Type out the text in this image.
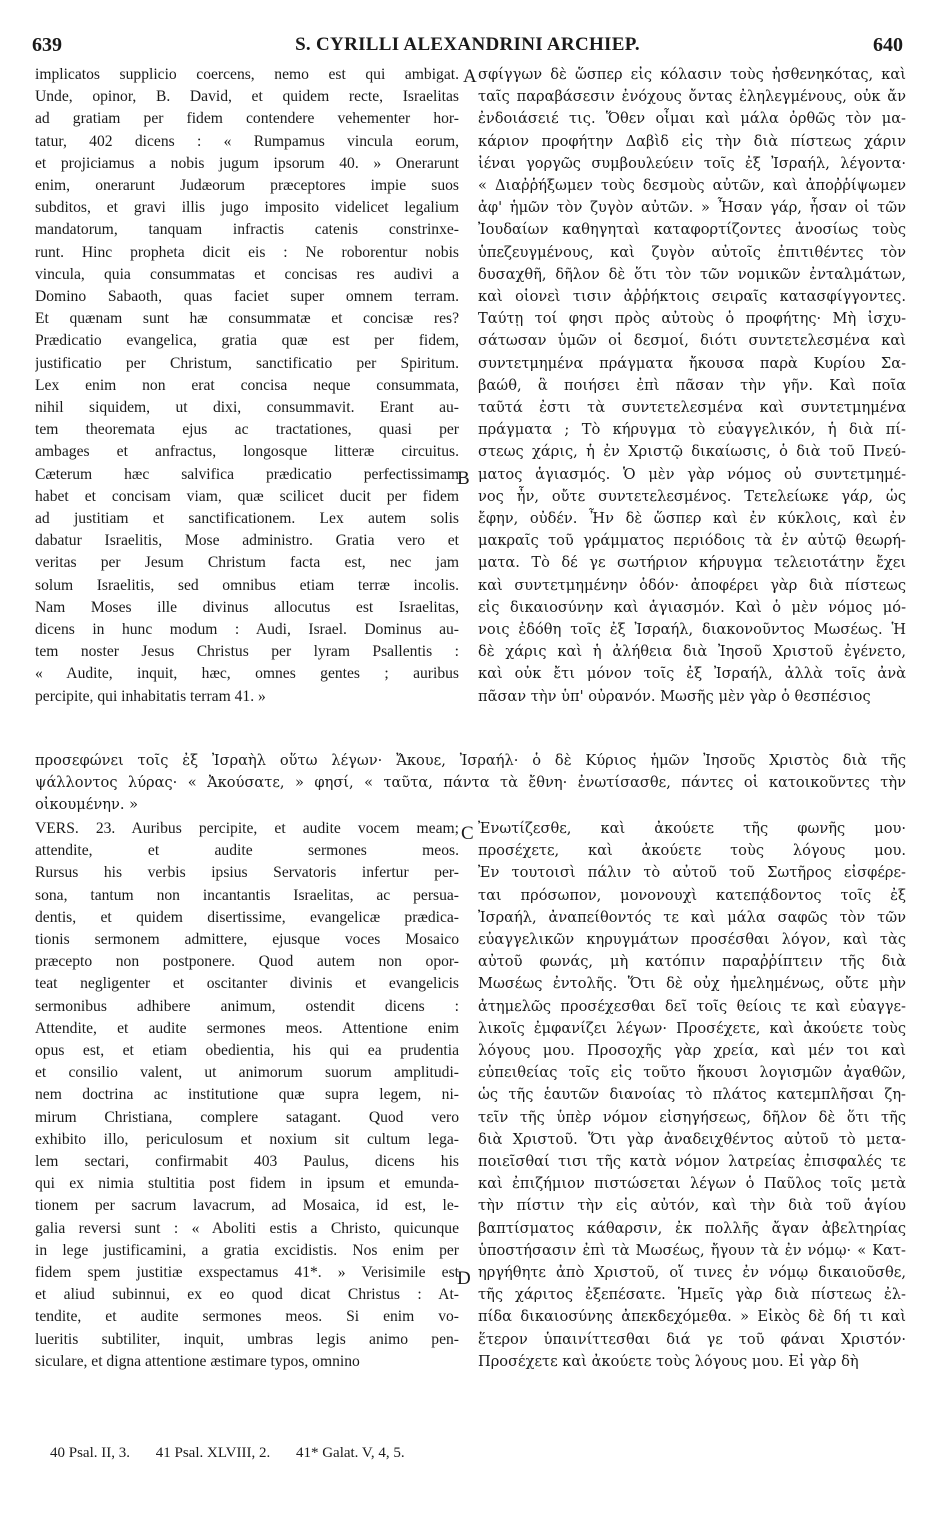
639	S. CYRILLI ALEXANDRINI ARCHIEP.	640
implicatos supplicio coercens, nemo est qui ambigat.
Unde, opinor, B. David, et quidem recte, Israelitas
ad gratiam per fidem contendere vehementer hor-
tatur, 402 dicens : « Rumpamus vincula eorum,
et projiciamus a nobis jugum ipsorum 40. » Onerarunt
enim, onerarunt Judæorum præceptores impie suos
subditos, et gravi illis jugo imposito videlicet legalium
mandatorum, tanquam infractis catenis constrinxe-
runt. Hinc propheta dicit eis : Ne roborentur nobis
vincula, quia consummatas et concisas res audivi a
Domino Sabaoth, quas faciet super omnem terram.
Et quænam sunt hæ consummatæ et concisæ res?
Prædicatio evangelica, gratia quæ est per fidem,
justificatio per Christum, sanctificatio per Spiritum.
Lex enim non erat concisa neque consummata,
nihil siquidem, ut dixi, consummavit. Erant au-
tem theoremata ejus ac tractationes, quasi per
ambages et anfractus, longosque litteræ circuitus.
Cæterum hæc salvifica prædicatio perfectissimam
habet et concisam viam, quæ scilicet ducit per fidem
ad justitiam et sanctificationem. Lex autem solis
dabatur Israelitis, Mose administro. Gratia vero et
veritas per Jesum Christum facta est, nec jam
solum Israelitis, sed omnibus etiam terræ incolis.
Nam Moses ille divinus allocutus est Israelitas,
dicens in hunc modum : Audi, Israel. Dominus au-
tem noster Jesus Christus per lyram Psallentis :
« Audite, inquit, hæc, omnes gentes ; auribus
percipite, qui inhabitatis terram 41. »
σφίγγων δὲ ὥσπερ εἰς κόλασιν τοὺς ἠσθενηκότας, καὶ
ταῖς παραβάσεσιν ἐνόχους ὄντας ἐληλεγμένους, οὐκ ἄν
ἐνδοιάσειέ τις. Ὅθεν οἶμαι καὶ μάλα ὀρθῶς τὸν μα-
κάριον προφήτην Δαβὶδ εἰς τὴν διὰ πίστεως χάριν
ἰέναι γοργῶς συμβουλεύειν τοῖς ἐξ Ἰσραήλ, λέγοντα·
« Διαῤῥήξωμεν τοὺς δεσμοὺς αὐτῶν, καὶ ἀποῤῥίψωμεν
ἀφ' ἡμῶν τὸν ζυγὸν αὐτῶν. » Ἦσαν γάρ, ἦσαν οἱ τῶν
Ἰουδαίων καθηγηταὶ καταφορτίζοντες ἀνοσίως τοὺς
ὑπεζευγμένους, καὶ ζυγὸν αὐτοῖς ἐπιτιθέντες τὸν
δυσαχθῆ, δῆλον δὲ ὅτι τὸν τῶν νομικῶν ἐνταλμάτων,
καὶ οἱονεὶ τισιν ἀῤῥήκτοις σειραῖς κατασφίγγοντες.
Ταύτῃ τοί φησι πρὸς αὐτοὺς ὁ προφήτης· Μὴ ἰσχυ-
σάτωσαν ὑμῶν οἱ δεσμοί, διότι συντετελεσμένα καὶ
συντετμημένα πράγματα ἤκουσα παρὰ Κυρίου Σα-
βαώθ, ἃ ποιήσει ἐπὶ πᾶσαν τὴν γῆν. Καὶ ποῖα
ταῦτά ἐστι τὰ συντετελεσμένα καὶ συντετμημένα
πράγματα ; Τὸ κήρυγμα τὸ εὐαγγελικόν, ἡ διὰ πί-
στεως χάρις, ἡ ἐν Χριστῷ δικαίωσις, ὁ διὰ τοῦ Πνεύ-
ματος ἁγιασμός. Ὁ μὲν γὰρ νόμος οὐ συντετμημέ-
νος ἦν, οὔτε συντετελεσμένος. Τετελείωκε γάρ, ὡς
ἔφην, οὐδέν. Ἦν δὲ ὥσπερ καὶ ἐν κύκλοις, καὶ ἐν
μακραῖς τοῦ γράμματος περιόδοις τὰ ἐν αὐτῷ θεωρή-
ματα. Τὸ δέ γε σωτήριον κήρυγμα τελειοτάτην ἔχει
καὶ συντετμημένην ὁδόν· ἀποφέρει γὰρ διὰ πίστεως
εἰς δικαιοσύνην καὶ ἁγιασμόν. Καὶ ὁ μὲν νόμος μό-
νοις ἐδόθη τοῖς ἐξ Ἰσραήλ, διακονοῦντος Μωσέως. Ἡ
δὲ χάρις καὶ ἡ ἀλήθεια διὰ Ἰησοῦ Χριστοῦ ἐγένετο,
καὶ οὐκ ἔτι μόνον τοῖς ἐξ Ἰσραήλ, ἀλλὰ τοῖς ἀνὰ
πᾶσαν τὴν ὑπ' οὐρανόν. Μωσῆς μὲν γὰρ ὁ θεσπέσιος
A
B
C
D
προσεφώνει τοῖς ἐξ Ἰσραὴλ οὕτω λέγων· Ἄκουε, Ἰσραήλ· ὁ δὲ Κύριος ἡμῶν Ἰησοῦς Χριστὸς διὰ τῆς
ψάλλοντος λύρας· « Ἀκούσατε, » φησί, « ταῦτα, πάντα τὰ ἔθνη· ἐνωτίσασθε, πάντες οἱ κατοικοῦντες τὴν
οἰκουμένην. »
VERS. 23. Auribus percipite, et audite vocem meam;
attendite, et audite sermones meos.
Rursus his verbis ipsius Servatoris infertur per-
sona, tantum non incantantis Israelitas, ac persua-
dentis, et quidem disertissime, evangelicæ prædica-
tionis sermonem admittere, ejusque voces Mosaico
præcepto non postponere. Quod autem non opor-
teat negligenter et oscitanter divinis et evangelicis
sermonibus adhibere animum, ostendit dicens :
Attendite, et audite sermones meos. Attentione enim
opus est, et etiam obedientia, his qui ea prudentia
et consilio valent, ut animorum suorum amplitudi-
nem doctrina ac institutione quæ supra legem, ni-
mirum Christiana, complere satagant. Quod vero
exhibito illo, periculosum et noxium sit cultum lega-
lem sectari, confirmabit 403 Paulus, dicens his
qui ex nimia stultitia post fidem in ipsum et emunda-
tionem per sacrum lavacrum, ad Mosaica, id est, le-
galia reversi sunt : « Aboliti estis a Christo, quicunque
in lege justificamini, a gratia excidistis. Nos enim per
fidem spem justitiæ exspectamus 41*. » Verisimile est
et aliud subinnui, ex eo quod dicat Christus : At-
tendite, et audite sermones meos. Si enim vo-
lueritis subtiliter, inquit, umbras legis animo pen-
siculare, et digna attentione æstimare typos, omnino
Ἐνωτίζεσθε, καὶ ἀκούετε τῆς φωνῆς μου·
προσέχετε, καὶ ἀκούετε τοὺς λόγους μου.
Ἐν τουτοισὶ πάλιν τὸ αὐτοῦ τοῦ Σωτῆρος εἰσφέρε-
ται πρόσωπον, μονονουχὶ κατεπᾴδοντος τοῖς ἐξ
Ἰσραήλ, ἀναπείθοντός τε καὶ μάλα σαφῶς τὸν τῶν
εὐαγγελικῶν κηρυγμάτων προσέσθαι λόγον, καὶ τὰς
αὐτοῦ φωνάς, μὴ κατόπιν παραῤῥίπτειν τῆς διὰ
Μωσέως ἐντολῆς. Ὅτι δὲ οὐχ ἠμελημένως, οὔτε μὴν
ἀτημελῶς προσέχεσθαι δεῖ τοῖς θείοις τε καὶ εὐαγγε-
λικοῖς ἐμφανίζει λέγων· Προσέχετε, καὶ ἀκούετε τοὺς
λόγους μου. Προσοχῆς γὰρ χρεία, καὶ μέν τοι καὶ
εὐπειθείας τοῖς εἰς τοῦτο ἥκουσι λογισμῶν ἀγαθῶν,
ὡς τῆς ἑαυτῶν διανοίας τὸ πλάτος κατεμπλῆσαι ζη-
τεῖν τῆς ὑπὲρ νόμον εἰσηγήσεως, δῆλον δὲ ὅτι τῆς
διὰ Χριστοῦ. Ὅτι γὰρ ἀναδειχθέντος αὐτοῦ τὸ μετα-
ποιεῖσθαί τισι τῆς κατὰ νόμον λατρείας ἐπισφαλές τε
καὶ ἐπιζήμιον πιστώσεται λέγων ὁ Παῦλος τοῖς μετὰ
τὴν πίστιν τὴν εἰς αὐτόν, καὶ τὴν διὰ τοῦ ἁγίου
βαπτίσματος κάθαρσιν, ἐκ πολλῆς ἄγαν ἀβελτηρίας
ὑποστήσασιν ἐπὶ τὰ Μωσέως, ἤγουν τὰ ἐν νόμῳ· « Κατ-
ηργήθητε ἀπὸ Χριστοῦ, οἵ τινες ἐν νόμῳ δικαιοῦσθε,
τῆς χάριτος ἐξεπέσατε. Ἡμεῖς γὰρ διὰ πίστεως ἐλ-
πίδα δικαιοσύνης ἀπεκδεχόμεθα. » Εἰκὸς δὲ δή τι καὶ
ἕτερον ὑπαινίττεσθαι διά γε τοῦ φάναι Χριστόν·
Προσέχετε καὶ ἀκούετε τοὺς λόγους μου. Εἰ γὰρ δὴ
40 Psal. II, 3. 41 Psal. XLVIII, 2. 41* Galat. V, 4, 5.
